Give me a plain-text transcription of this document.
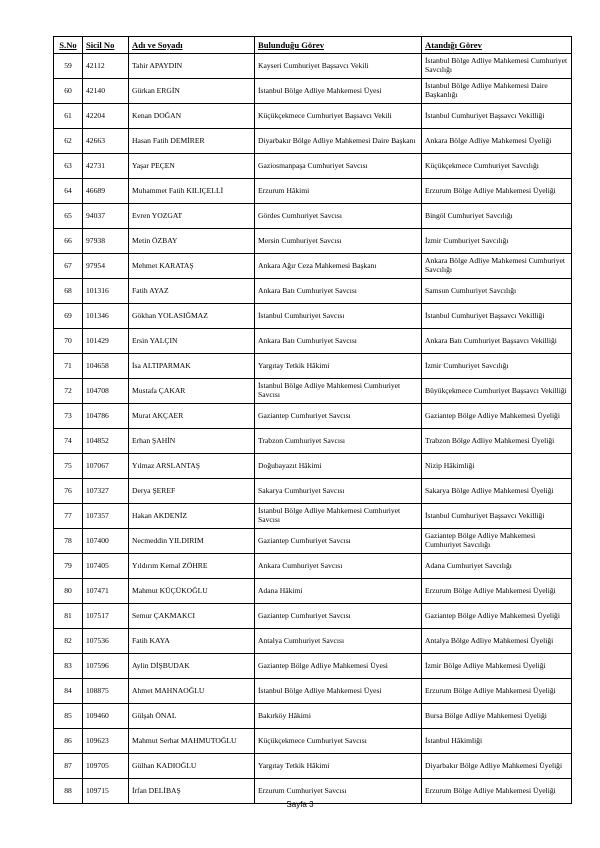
S.No	Sicil No	Adı ve Soyadı	Bulunduğu Görev	Atandığı Görev
59	42112	Tahir APAYDIN	Kayseri Cumhuriyet Başsavcı Vekili	İstanbul Bölge Adliye Mahkemesi Cumhuriyet Savcılığı
60	42140	Gürkan ERGİN	İstanbul Bölge Adliye Mahkemesi Üyesi	İstanbul Bölge Adliye Mahkemesi Daire Başkanlığı
61	42204	Kenan DOĞAN	Küçükçekmece Cumhuriyet Başsavcı Vekili	İstanbul Cumhuriyet Başsavcı Vekilliği
62	42663	Hasan Fatih DEMİRER	Diyarbakır Bölge Adliye Mahkemesi Daire Başkanı	Ankara Bölge Adliye Mahkemesi Üyeliği
63	42731	Yaşar PEÇEN	Gaziosmanpaşa Cumhuriyet Savcısı	Küçükçekmece Cumhuriyet Savcılığı
64	46689	Muhammet Fatih KILIÇELLİ	Erzurum Hâkimi	Erzurum Bölge Adliye Mahkemesi Üyeliği
65	94037	Evren YOZGAT	Gördes Cumhuriyet Savcısı	Bingöl Cumhuriyet Savcılığı
66	97938	Metin ÖZBAY	Mersin Cumhuriyet Savcısı	İzmir Cumhuriyet Savcılığı
67	97954	Mehmet KARATAŞ	Ankara Ağır Ceza Mahkemesi Başkanı	Ankara Bölge Adliye Mahkemesi Cumhuriyet Savcılığı
68	101316	Fatih AYAZ	Ankara Batı Cumhuriyet Savcısı	Samsun Cumhuriyet Savcılığı
69	101346	Gökhan YOLASIĞMAZ	İstanbul Cumhuriyet Savcısı	İstanbul Cumhuriyet Başsavcı Vekilliği
70	101429	Ersin YALÇIN	Ankara Batı Cumhuriyet Savcısı	Ankara Batı Cumhuriyet Başsavcı Vekilliği
71	104658	İsa ALTIPARMAK	Yargıtay Tetkik Hâkimi	İzmir Cumhuriyet Savcılığı
72	104708	Mustafa ÇAKAR	İstanbul Bölge Adliye Mahkemesi Cumhuriyet Savcısı	Büyükçekmece Cumhuriyet Başsavcı Vekilliği
73	104786	Murat AKÇAER	Gaziantep Cumhuriyet Savcısı	Gaziantep Bölge Adliye Mahkemesi Üyeliği
74	104852	Erhan ŞAHİN	Trabzon Cumhuriyet Savcısı	Trabzon Bölge Adliye Mahkemesi Üyeliği
75	107067	Yılmaz ARSLANTAŞ	Doğubayazıt Hâkimi	Nizip Hâkimliği
76	107327	Derya ŞEREF	Sakarya Cumhuriyet Savcısı	Sakarya Bölge Adliye Mahkemesi Üyeliği
77	107357	Hakan AKDENİZ	İstanbul Bölge Adliye Mahkemesi Cumhuriyet Savcısı	İstanbul Cumhuriyet Başsavcı Vekilliği
78	107400	Necmeddin YILDIRIM	Gaziantep Cumhuriyet Savcısı	Gaziantep Bölge Adliye Mahkemesi Cumhuriyet Savcılığı
79	107405	Yıldırım Kemal ZÖHRE	Ankara Cumhuriyet Savcısı	Adana Cumhuriyet Savcılığı
80	107471	Mahmut KÜÇÜKOĞLU	Adana Hâkimi	Erzurum Bölge Adliye Mahkemesi Üyeliği
81	107517	Semur ÇAKMAKCI	Gaziantep Cumhuriyet Savcısı	Gaziantep Bölge Adliye Mahkemesi Üyeliği
82	107536	Fatih KAYA	Antalya Cumhuriyet Savcısı	Antalya Bölge Adliye Mahkemesi Üyeliği
83	107596	Aylin DİŞBUDAK	Gaziantep Bölge Adliye Mahkemesi Üyesi	İzmir Bölge Adliye Mahkemesi Üyeliği
84	108875	Ahmet MAHNAOĞLU	İstanbul Bölge Adliye Mahkemesi Üyesi	Erzurum Bölge Adliye Mahkemesi Üyeliği
85	109460	Gülşah ÖNAL	Bakırköy Hâkimi	Bursa Bölge Adliye Mahkemesi Üyeliği
86	109623	Mahmut Serhat MAHMUTOĞLU	Küçükçekmece Cumhuriyet Savcısı	İstanbul Hâkimliği
87	109705	Gülhan KADIOĞLU	Yargıtay Tetkik Hâkimi	Diyarbakır Bölge Adliye Mahkemesi Üyeliği
88	109715	İrfan DELİBAŞ	Erzurum Cumhuriyet Savcısı	Erzurum Bölge Adliye Mahkemesi Üyeliği
Sayfa 3
